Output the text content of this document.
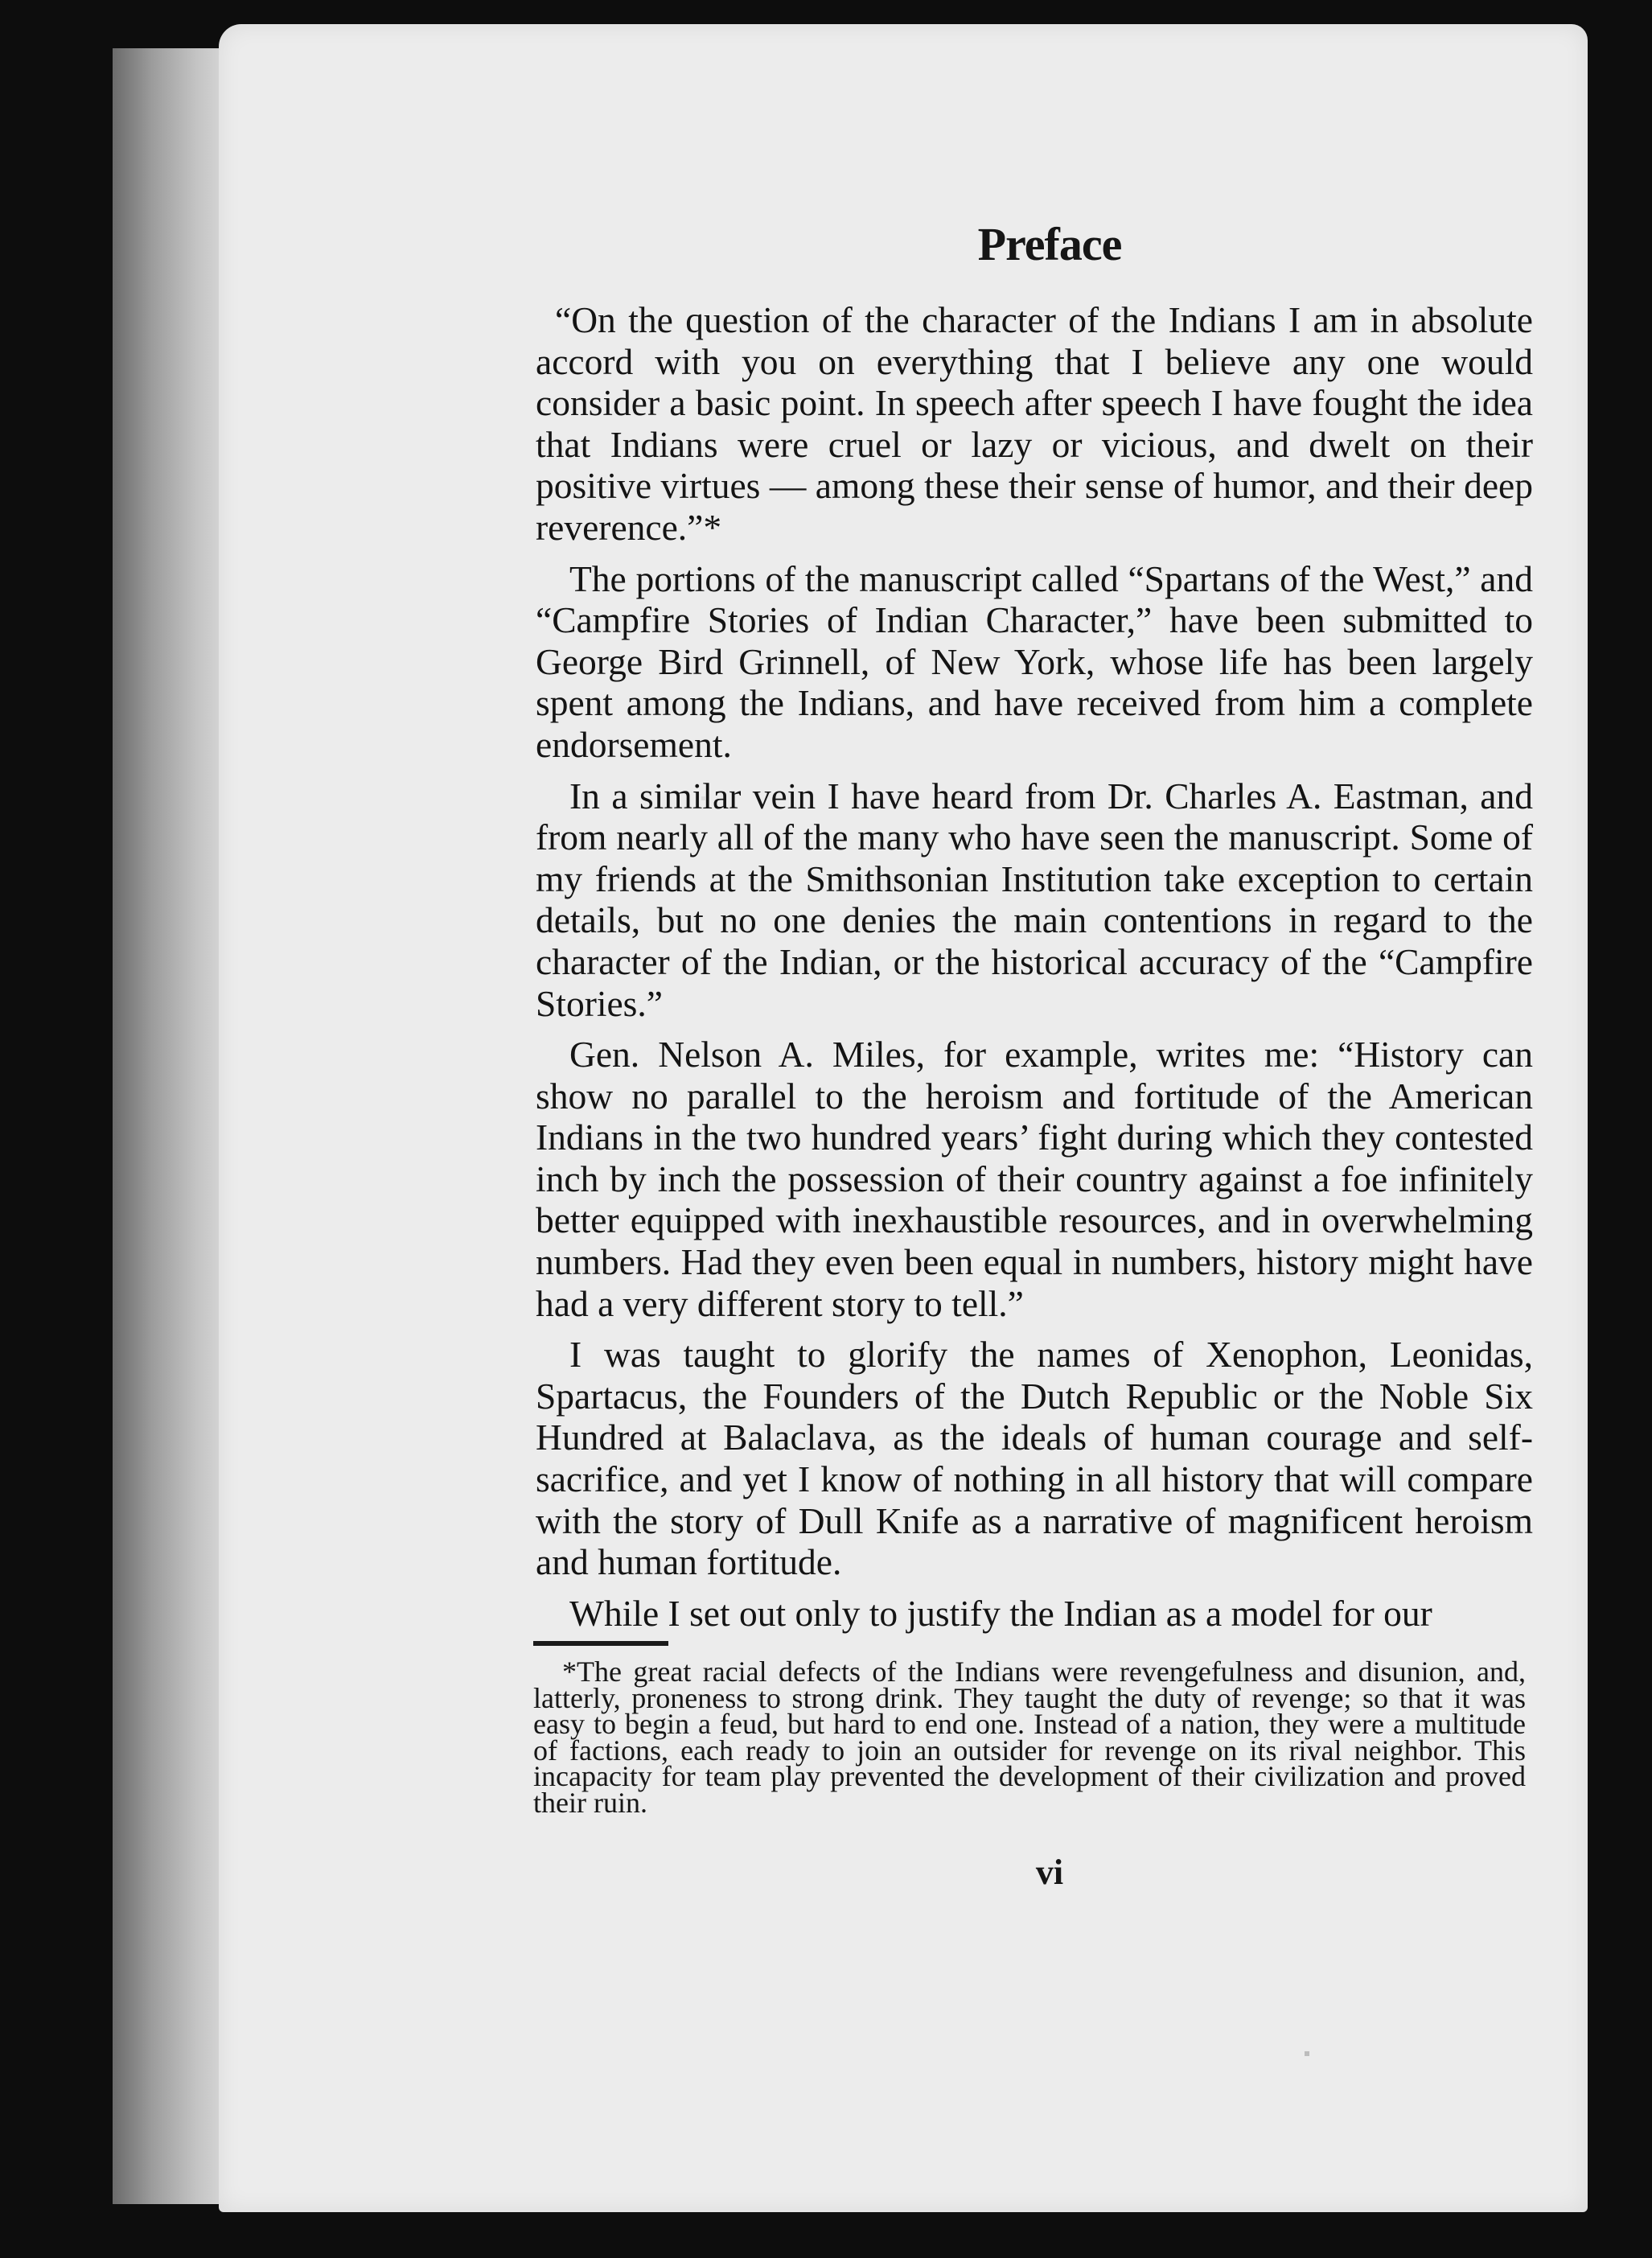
Preface

“On the question of the character of the Indians I am in absolute accord with you on everything that I believe any one would consider a basic point. In speech after speech I have fought the idea that Indians were cruel or lazy or vicious, and dwelt on their positive virtues — among these their sense of humor, and their deep reverence.”*

The portions of the manuscript called “Spartans of the West,” and “Campfire Stories of Indian Character,” have been submitted to George Bird Grinnell, of New York, whose life has been largely spent among the Indians, and have received from him a complete endorsement.

In a similar vein I have heard from Dr. Charles A. Eastman, and from nearly all of the many who have seen the manuscript. Some of my friends at the Smithsonian Institution take exception to certain details, but no one denies the main contentions in regard to the character of the Indian, or the historical accuracy of the “Campfire Stories.”

Gen. Nelson A. Miles, for example, writes me: “History can show no parallel to the heroism and fortitude of the American Indians in the two hundred years’ fight during which they contested inch by inch the possession of their country against a foe infinitely better equipped with inexhaustible resources, and in overwhelming numbers. Had they even been equal in numbers, history might have had a very different story to tell.”

I was taught to glorify the names of Xenophon, Leonidas, Spartacus, the Founders of the Dutch Republic or the Noble Six Hundred at Balaclava, as the ideals of human courage and self-sacrifice, and yet I know of nothing in all history that will compare with the story of Dull Knife as a narrative of magnificent heroism and human fortitude.

While I set out only to justify the Indian as a model for our

*The great racial defects of the Indians were revengefulness and disunion, and, latterly, proneness to strong drink. They taught the duty of revenge; so that it was easy to begin a feud, but hard to end one. Instead of a nation, they were a multitude of factions, each ready to join an outsider for revenge on its rival neighbor. This incapacity for team play prevented the development of their civilization and proved their ruin.
vi
